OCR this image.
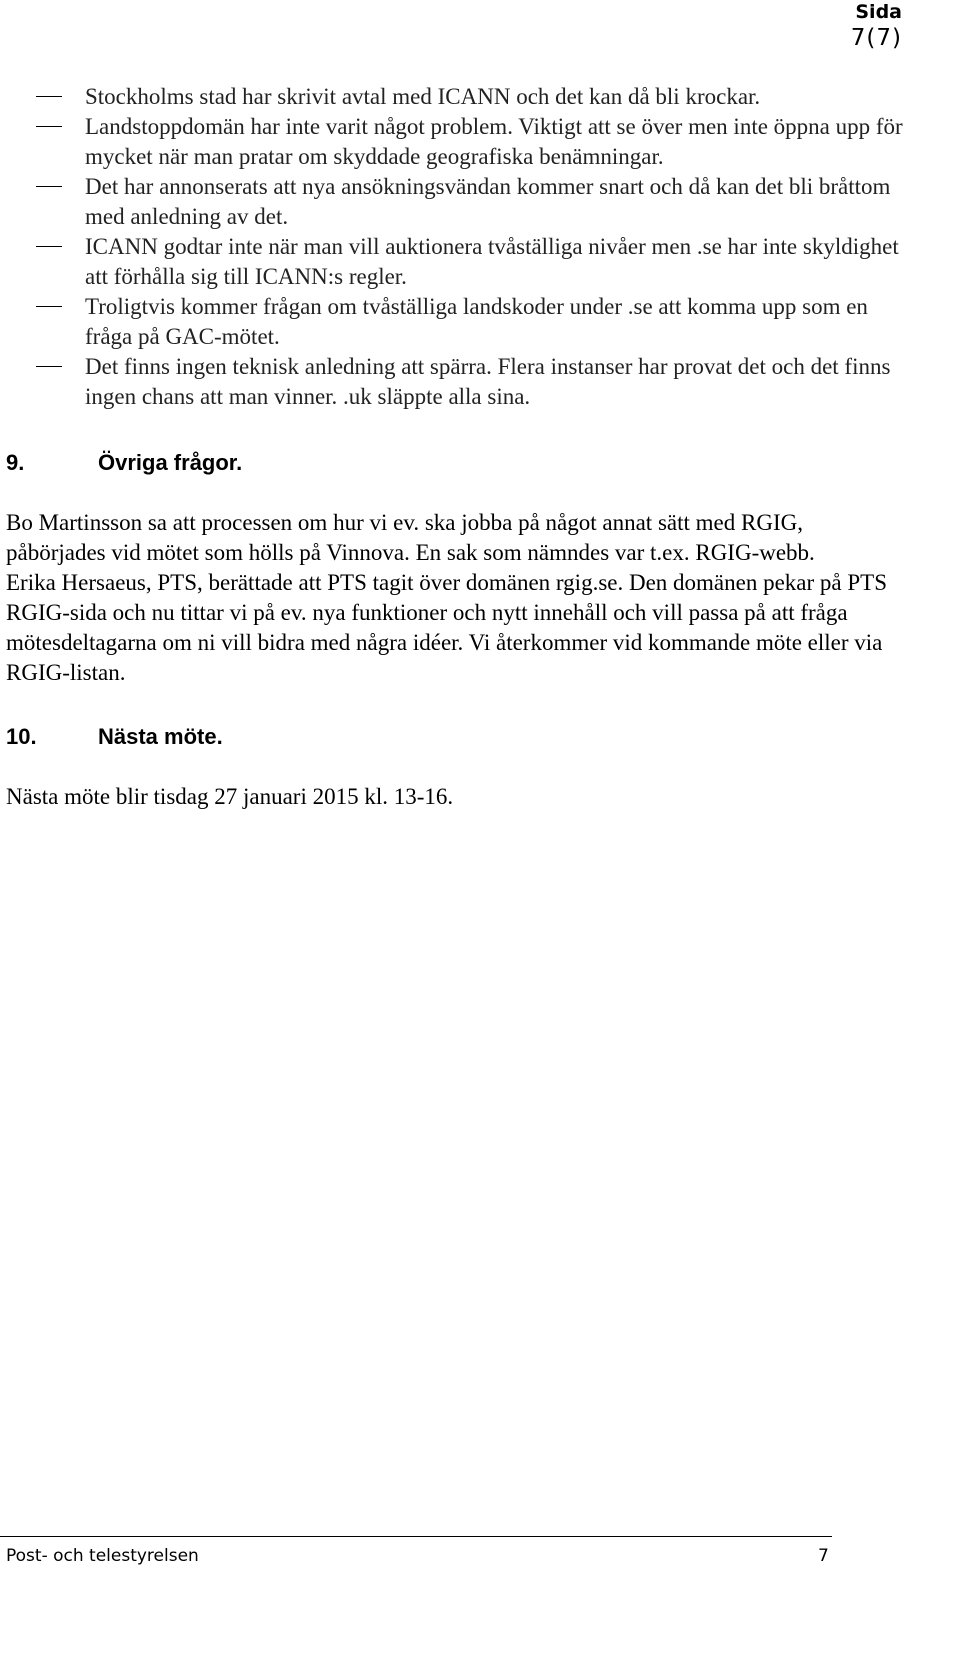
Sida
7(7)
Stockholms stad har skrivit avtal med ICANN och det kan då bli krockar.
Landstoppdomän har inte varit något problem. Viktigt att se över men inte öppna upp för mycket när man pratar om skyddade geografiska benämningar.
Det har annonserats att nya ansökningsvändan kommer snart och då kan det bli bråttom med anledning av det.
ICANN godtar inte när man vill auktionera tvåställiga nivåer men .se har inte skyldighet att förhålla sig till ICANN:s regler.
Troligtvis kommer frågan om tvåställiga landskoder under .se att komma upp som en fråga på GAC-mötet.
Det finns ingen teknisk anledning att spärra. Flera instanser har provat det och det finns ingen chans att man vinner. .uk släppte alla sina.
9.	Övriga frågor.

Bo Martinsson sa att processen om hur vi ev. ska jobba på något annat sätt med RGIG, påbörjades vid mötet som hölls på Vinnova. En sak som nämndes var t.ex. RGIG-webb.

Erika Hersaeus, PTS, berättade att PTS tagit över domänen rgig.se. Den domänen pekar på PTS RGIG-sida och nu tittar vi på ev. nya funktioner och nytt innehåll och vill passa på att fråga mötesdeltagarna om ni vill bidra med några idéer. Vi återkommer vid kommande möte eller via RGIG-listan.

10.	Nästa möte.

Nästa möte blir tisdag 27 januari 2015 kl. 13-16.

Post- och telestyrelsen	7
